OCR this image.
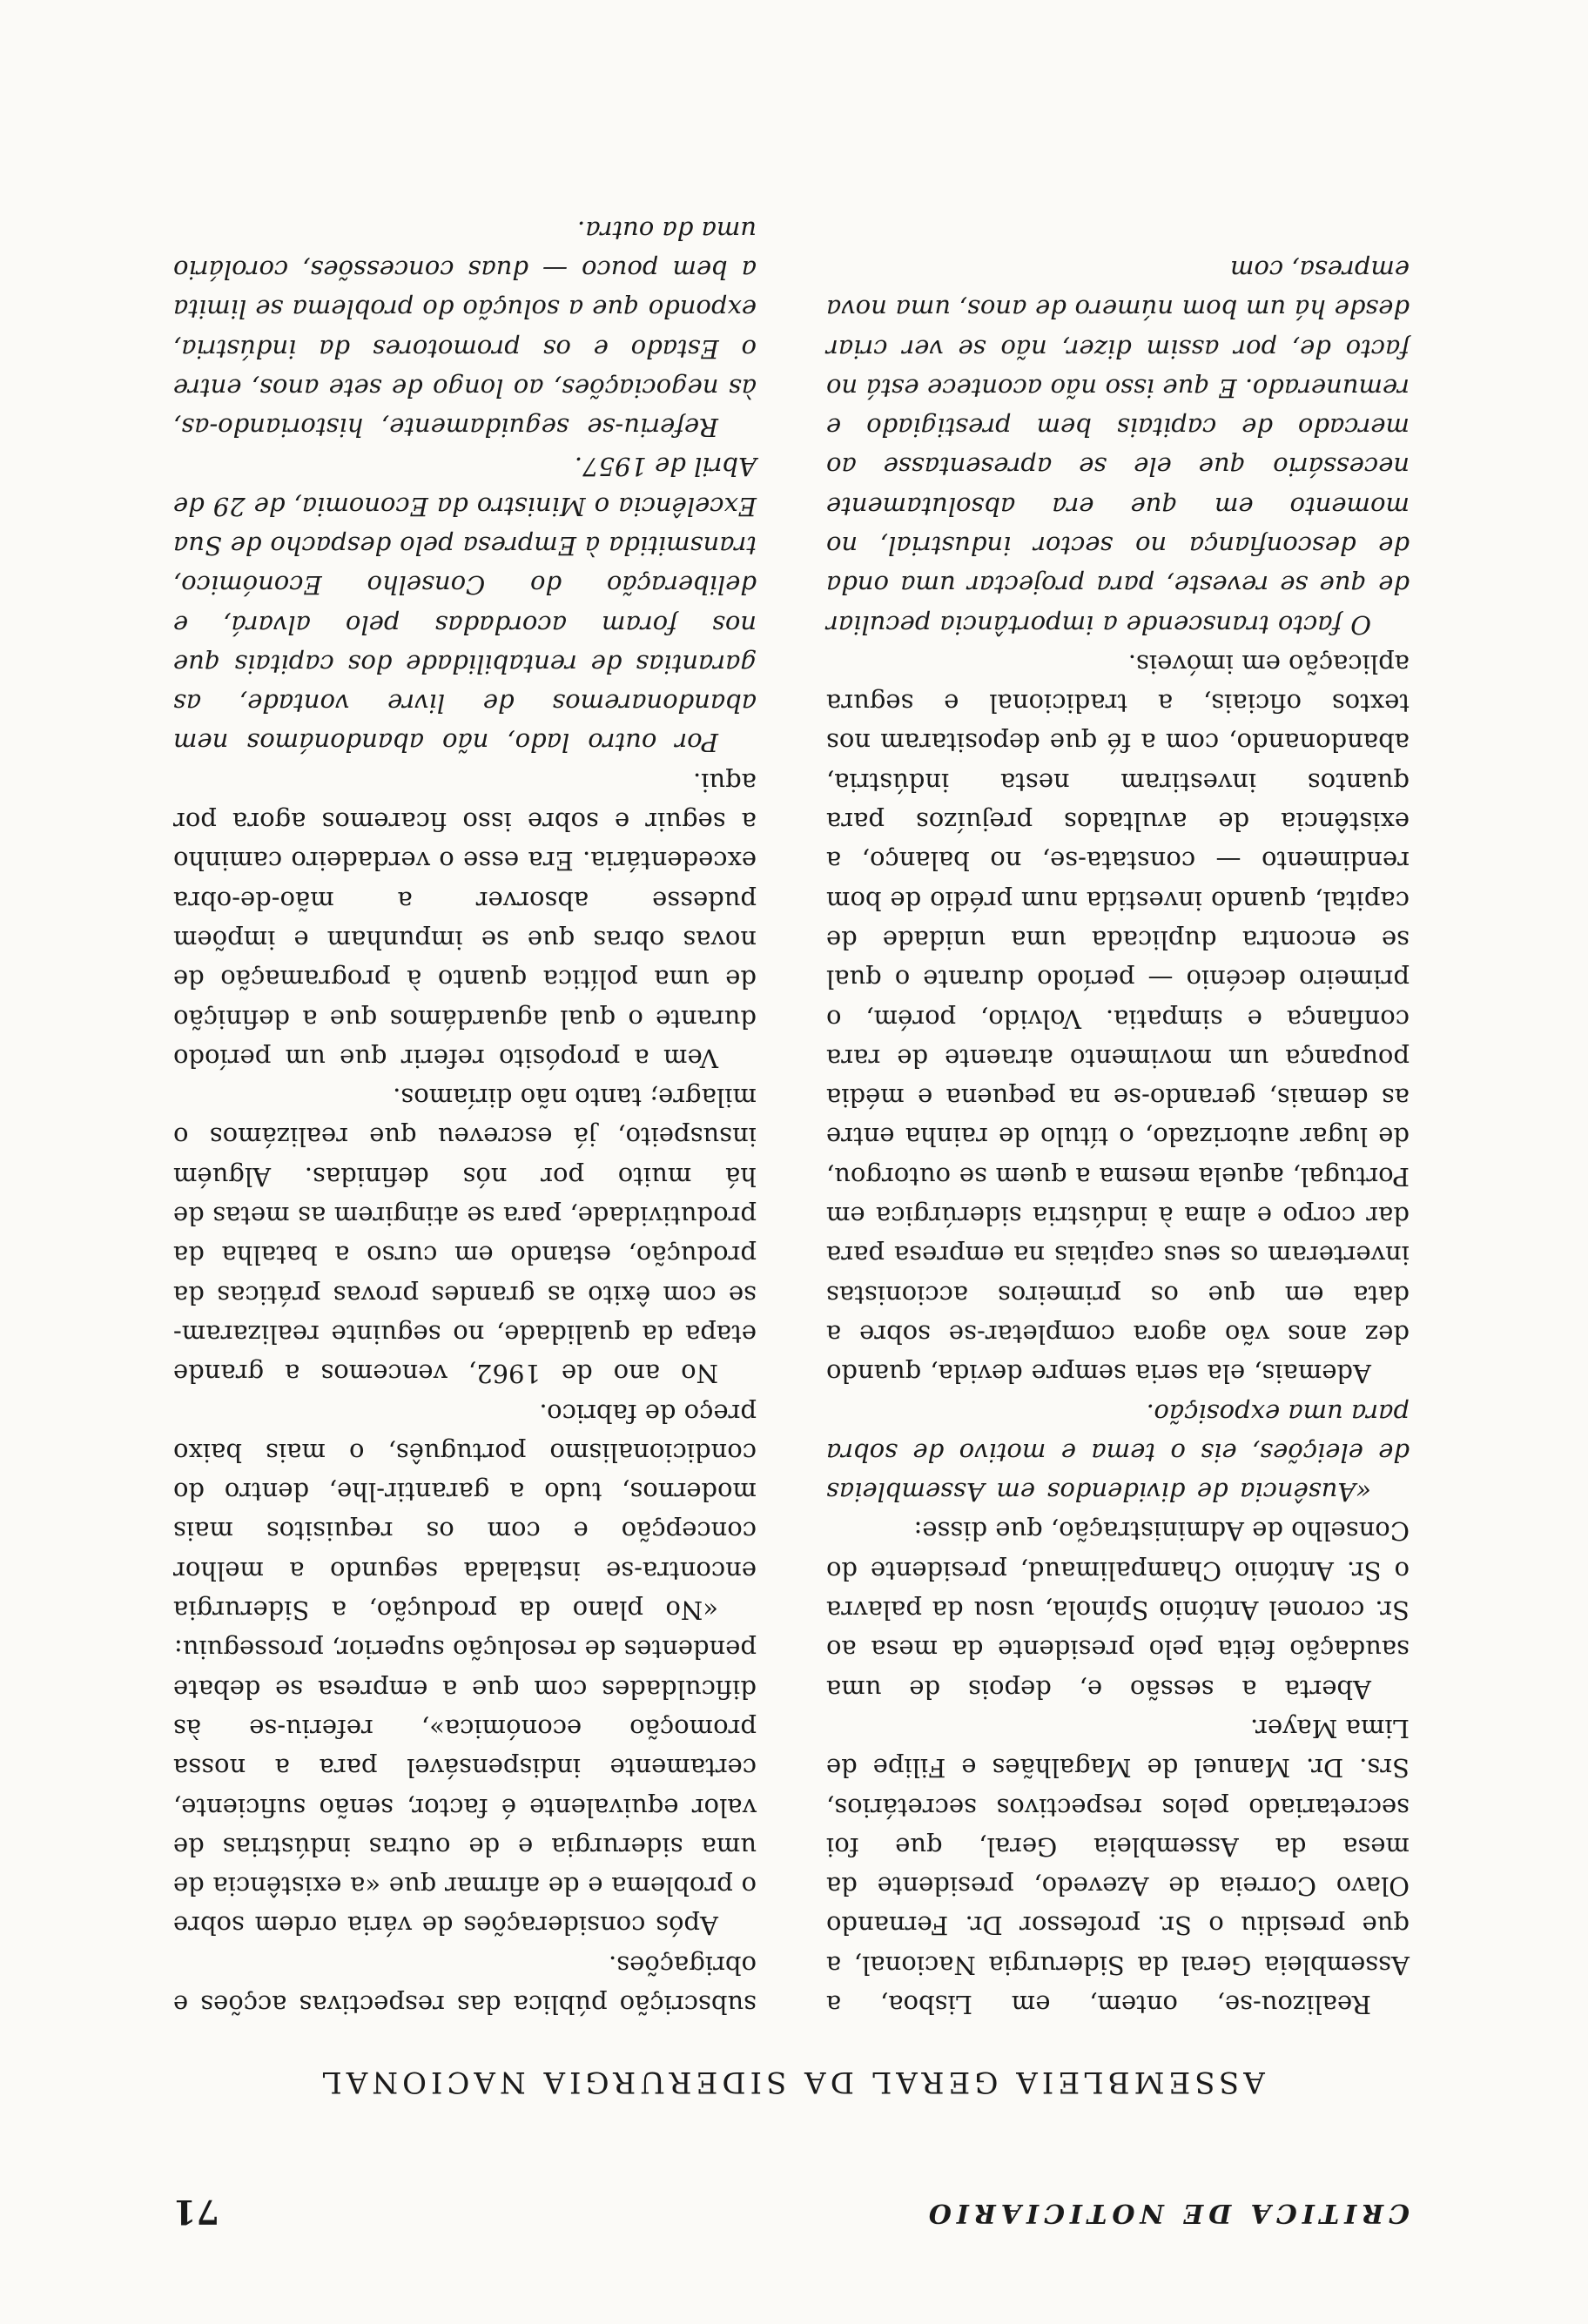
CRITICA DE NOTICIARIO
71
ASSEMBLEIA GERAL DA SIDERURGIA NACIONAL

Realizou-se, ontem, em Lisboa, a Assembleia Geral da Siderurgia Nacional, a que presidiu o Sr. professor Dr. Fernando Olavo Correia de Azevedo, presidente da mesa da Assembleia Geral, que foi secretariado pelos respectivos secretários, Srs. Dr. Manuel de Magalhães e Filipe de Lima Mayer.

Aberta a sessão e, depois de uma saudação feita pelo presidente da mesa ao Sr. coronel António Spínola, usou da palavra o Sr. António Champalimaud, presidente do Conselho de Administração, que disse:

«Ausência de dividendos em Assembleias de eleições, eis o tema e motivo de sobra para uma exposição.

Ademais, ela seria sempre devida, quando dez anos vão agora completar-se sobre a data em que os primeiros accionistas inverteram os seus capitais na empresa para dar corpo e alma à indústria siderúrgica em Portugal, aquela mesma a quem se outorgou, de lugar autorizado, o título de rainha entre as demais, gerando-se na pequena e média poupança um movimento atraente de rara confiança e simpatia. Volvido, porém, o primeiro decénio — período durante o qual se encontra duplicada uma unidade de capital, quando investida num prédio de bom rendimento — constata-se, no balanço, a existência de avultados prejuízos para quantos investiram nesta indústria, abandonando, com a fé que depositaram nos textos oficiais, a tradicional e segura aplicação em imóveis.

O facto transcende a importância peculiar de que se reveste, para projectar uma onda de desconfiança no sector industrial, no momento em que era absolutamente necessário que ele se apresentasse ao mercado de capitais bem prestigiado e remunerado. E que isso não acontece está no facto de, por assim dizer, não se ver criar desde há um bom número de anos, uma nova empresa, com

subscrição pública das respectivas acções e obrigações.

Após considerações de vária ordem sobre o problema e de afirmar que «a existência de uma siderurgia e de outras indústrias de valor equivalente é factor, senão suficiente, certamente indispensável para a nossa promoção económica», referiu-se às dificuldades com que a empresa se debate pendentes de resolução superior, prosseguiu:

«No plano da produção, a Siderurgia encontra-se instalada segundo a melhor concepção e com os requisitos mais modernos, tudo a garantir-lhe, dentro do condicionalismo português, o mais baixo preço de fabrico.

No ano de 1962, vencemos a grande etapa da qualidade, no seguinte realizaram-se com êxito as grandes provas práticas da produção, estando em curso a batalha da produtividade, para se atingirem as metas de há muito por nós definidas. Alguém insuspeito, já escreveu que realizámos o milagre; tanto não diríamos.

Vem a propósito referir que um período durante o qual aguardámos que a definição de uma política quanto à programação de novas obras que se impunham e impõem pudesse absorver a mão-de-obra excedentária. Era esse o verdadeiro caminho a seguir e sobre isso ficaremos agora por aqui.

Por outro lado, não abandonámos nem abandonaremos de livre vontade, as garantias de rentabilidade dos capitais que nos foram acordadas pelo alvará, e deliberação do Conselho Económico, transmitida à Empresa pelo despacho de Sua Excelência o Ministro da Economia, de 29 de Abril de 1957.

Referiu-se seguidamente, historiando-as, às negociações, ao longo de sete anos, entre o Estado e os promotores da indústria, expondo que a solução do problema se limita a bem pouco — duas concessões, corolário uma da outra.
